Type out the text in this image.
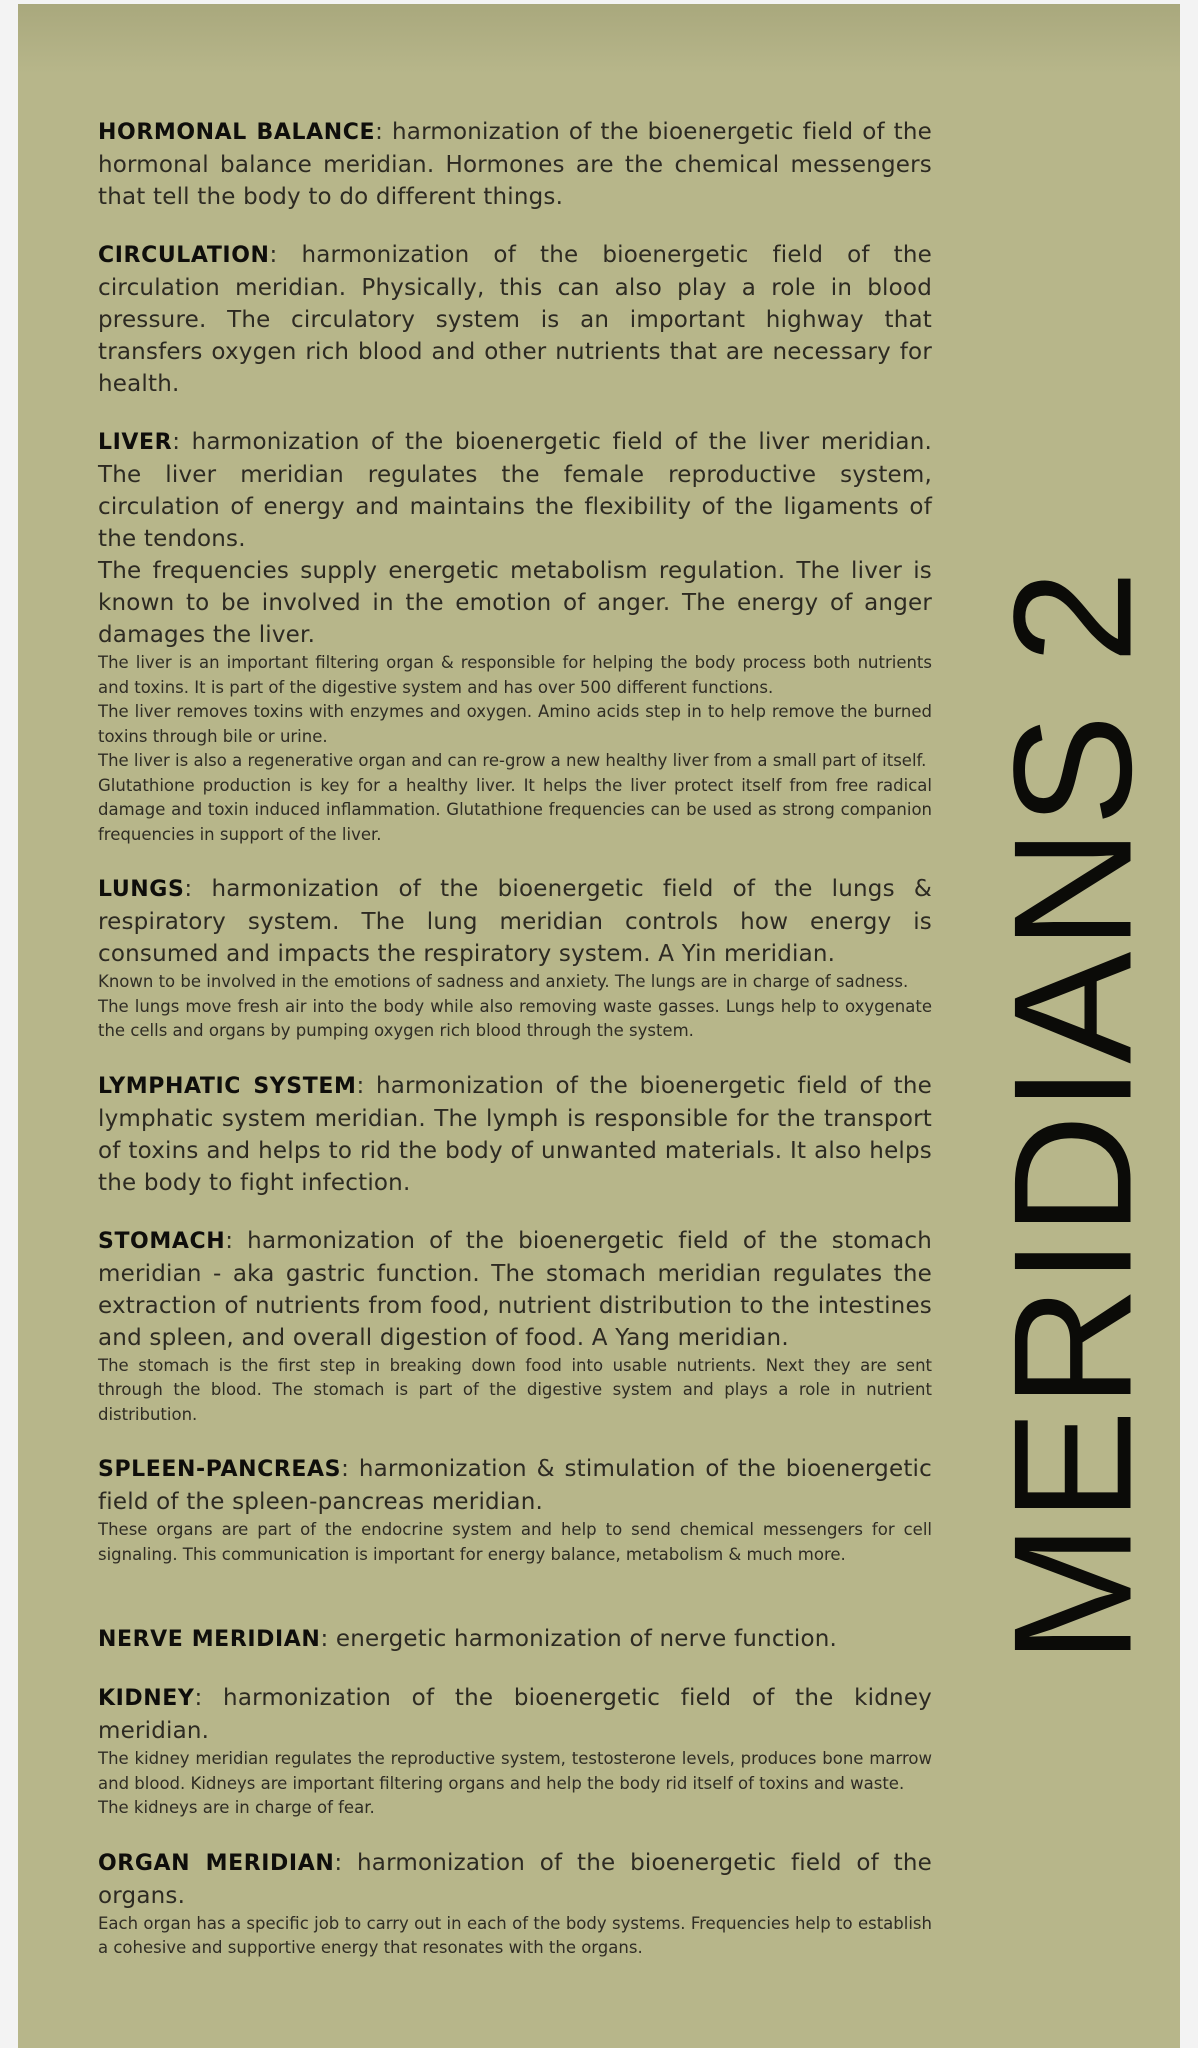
HORMONAL BALANCE: harmonization of the bioenergetic field of the hormonal balance meridian. Hormones are the chemical messengers that tell the body to do different things.

CIRCULATION: harmonization of the bioenergetic field of the circulation meridian. Physically, this can also play a role in blood pressure. The circulatory system is an important highway that transfers oxygen rich blood and other nutrients that are necessary for health.

LIVER: harmonization of the bioenergetic field of the liver meridian. The liver meridian regulates the female reproductive system, circulation of energy and maintains the flexibility of the ligaments of the tendons.

The frequencies supply energetic metabolism regulation. The liver is known to be involved in the emotion of anger. The energy of anger damages the liver.

The liver is an important filtering organ & responsible for helping the body process both nutrients and toxins. It is part of the digestive system and has over 500 different functions.

The liver removes toxins with enzymes and oxygen. Amino acids step in to help remove the burned toxins through bile or urine.

The liver is also a regenerative organ and can re-grow a new healthy liver from a small part of itself.

Glutathione production is key for a healthy liver. It helps the liver protect itself from free radical damage and toxin induced inflammation. Glutathione frequencies can be used as strong companion frequencies in support of the liver.

LUNGS: harmonization of the bioenergetic field of the lungs & respiratory system. The lung meridian controls how energy is consumed and impacts the respiratory system. A Yin meridian.

Known to be involved in the emotions of sadness and anxiety. The lungs are in charge of sadness.

The lungs move fresh air into the body while also removing waste gasses. Lungs help to oxygenate the cells and organs by pumping oxygen rich blood through the system.

LYMPHATIC SYSTEM: harmonization of the bioenergetic field of the lymphatic system meridian. The lymph is responsible for the transport of toxins and helps to rid the body of unwanted materials. It also helps the body to fight infection.

STOMACH: harmonization of the bioenergetic field of the stomach meridian - aka gastric function. The stomach meridian regulates the extraction of nutrients from food, nutrient distribution to the intestines and spleen, and overall digestion of food. A Yang meridian.

The stomach is the first step in breaking down food into usable nutrients. Next they are sent through the blood. The stomach is part of the digestive system and plays a role in nutrient distribution.

SPLEEN-PANCREAS: harmonization & stimulation of the bioenergetic field of the spleen-pancreas meridian.

These organs are part of the endocrine system and help to send chemical messengers for cell signaling. This communication is important for energy balance, metabolism & much more.

NERVE MERIDIAN: energetic harmonization of nerve function.

KIDNEY: harmonization of the bioenergetic field of the kidney meridian.

The kidney meridian regulates the reproductive system, testosterone levels, produces bone marrow and blood. Kidneys are important filtering organs and help the body rid itself of toxins and waste.

The kidneys are in charge of fear.

ORGAN MERIDIAN: harmonization of the bioenergetic field of the organs.

Each organ has a specific job to carry out in each of the body systems. Frequencies help to establish a cohesive and supportive energy that resonates with the organs.

MERIDIANS 2
